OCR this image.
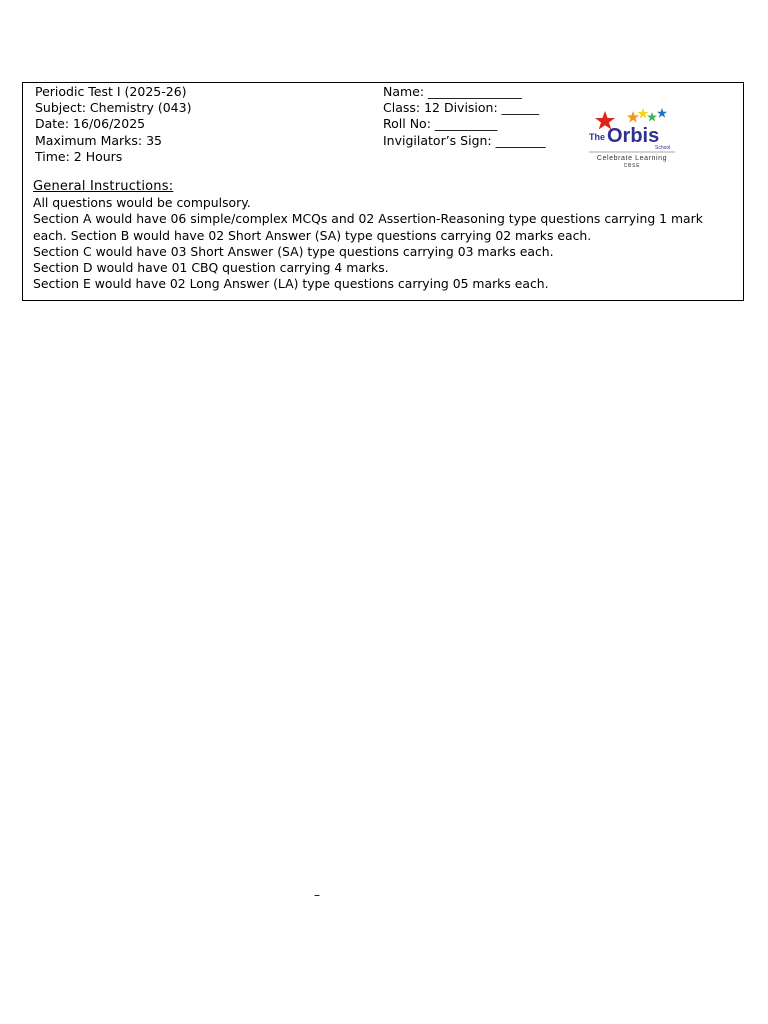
Periodic Test I (2025-26)
Subject: Chemistry (043)
Date: 16/06/2025
Maximum Marks: 35
Time: 2 Hours
Name: _______________
Class: 12 Division: ______
Roll No: __________
Invigilator’s Sign: ________	The Orbis
School
Celebrate Learning
CBSE
General Instructions:
All questions would be compulsory.
Section A would have 06 simple/complex MCQs and 02 Assertion-Reasoning type questions carrying 1 mark
each. Section B would have 02 Short Answer (SA) type questions carrying 02 marks each.
Section C would have 03 Short Answer (SA) type questions carrying 03 marks each.
Section D would have 01 CBQ question carrying 4 marks.
Section E would have 02 Long Answer (LA) type questions carrying 05 marks each.
–
